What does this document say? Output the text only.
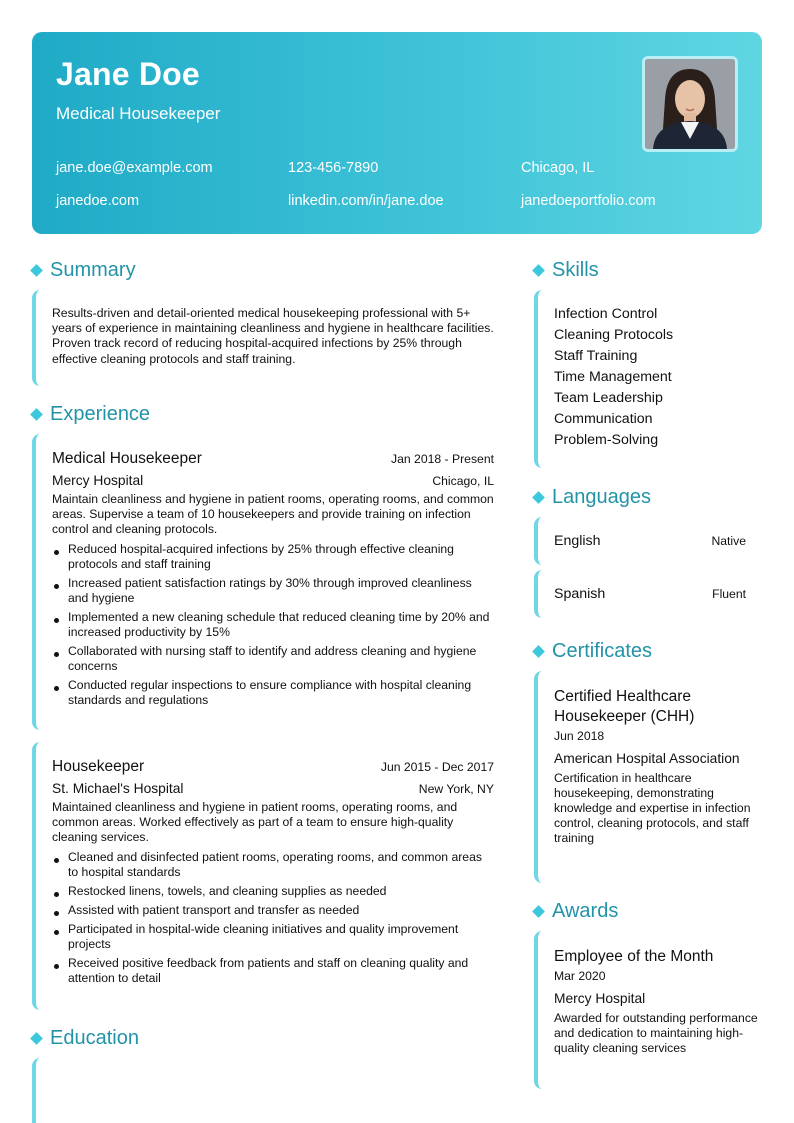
Jane Doe
Medical Housekeeper
jane.doe@example.com	123-456-7890	Chicago, IL
janedoe.com	linkedin.com/in/jane.doe	janedoeportfolio.com
Summary
Results-driven and detail-oriented medical housekeeping professional with 5+ years of experience in maintaining cleanliness and hygiene in healthcare facilities. Proven track record of reducing hospital-acquired infections by 25% through effective cleaning protocols and staff training.
Experience
Medical Housekeeper	Jan 2018 - Present
Mercy Hospital	Chicago, IL
Maintain cleanliness and hygiene in patient rooms, operating rooms, and common areas. Supervise a team of 10 housekeepers and provide training on infection control and cleaning protocols.
Reduced hospital-acquired infections by 25% through effective cleaning protocols and staff training
Increased patient satisfaction ratings by 30% through improved cleanliness and hygiene
Implemented a new cleaning schedule that reduced cleaning time by 20% and increased productivity by 15%
Collaborated with nursing staff to identify and address cleaning and hygiene concerns
Conducted regular inspections to ensure compliance with hospital cleaning standards and regulations
Housekeeper	Jun 2015 - Dec 2017
St. Michael's Hospital	New York, NY
Maintained cleanliness and hygiene in patient rooms, operating rooms, and common areas. Worked effectively as part of a team to ensure high-quality cleaning services.
Cleaned and disinfected patient rooms, operating rooms, and common areas to hospital standards
Restocked linens, towels, and cleaning supplies as needed
Assisted with patient transport and transfer as needed
Participated in hospital-wide cleaning initiatives and quality improvement projects
Received positive feedback from patients and staff on cleaning quality and attention to detail
Education
Skills
Infection Control
Cleaning Protocols
Staff Training
Time Management
Team Leadership
Communication
Problem-Solving
Languages
English	Native
Spanish	Fluent
Certificates
Certified Healthcare Housekeeper (CHH)
Jun 2018
American Hospital Association
Certification in healthcare housekeeping, demonstrating knowledge and expertise in infection control, cleaning protocols, and staff training
Awards
Employee of the Month
Mar 2020
Mercy Hospital
Awarded for outstanding performance and dedication to maintaining high-quality cleaning services
